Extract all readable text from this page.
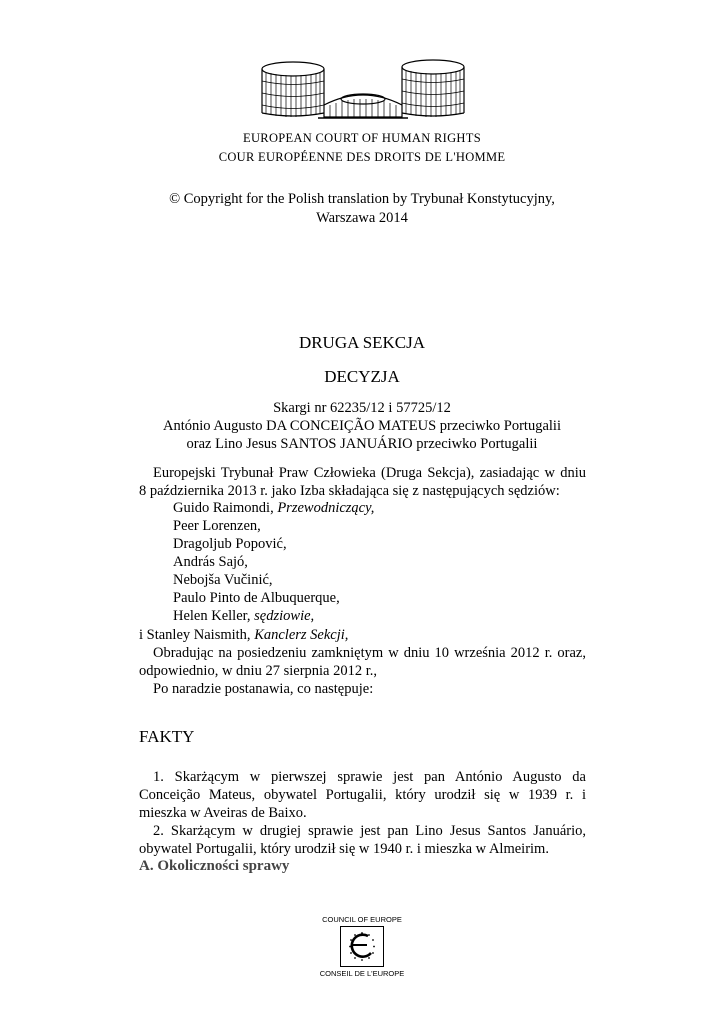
EUROPEAN COURT OF HUMAN RIGHTS
COUR EUROPÉENNE DES DROITS DE L'HOMME
© Copyright for the Polish translation by Trybunał Konstytucyjny,
Warszawa 2014
DRUGA SEKCJA
DECYZJA
Skargi nr 62235/12 i 57725/12
António Augusto DA CONCEIÇÃO MATEUS przeciwko Portugalii
oraz Lino Jesus SANTOS JANUÁRIO przeciwko Portugalii
Europejski Trybunał Praw Człowieka (Druga Sekcja), zasiadając w dniu
8 października 2013 r. jako Izba składająca się z następujących sędziów:
Guido Raimondi, Przewodniczący,
Peer Lorenzen,
Dragoljub Popović,
András Sajó,
Nebojša Vučinić,
Paulo Pinto de Albuquerque,
Helen Keller, sędziowie,
i Stanley Naismith, Kanclerz Sekcji,
Obradując na posiedzeniu zamkniętym w dniu 10 września 2012 r. oraz,
odpowiednio, w dniu 27 sierpnia 2012 r.,
Po naradzie postanawia, co następuje:
FAKTY
1. Skarżącym w pierwszej sprawie jest pan António Augusto da
Conceição Mateus, obywatel Portugalii, który urodził się w 1939 r. i
mieszka w Aveiras de Baixo.
2. Skarżącym w drugiej sprawie jest pan Lino Jesus Santos Januário,
obywatel Portugalii, który urodził się w 1940 r. i mieszka w Almeirim.
A. Okoliczności sprawy
COUNCIL OF EUROPE
CONSEIL DE L'EUROPE
